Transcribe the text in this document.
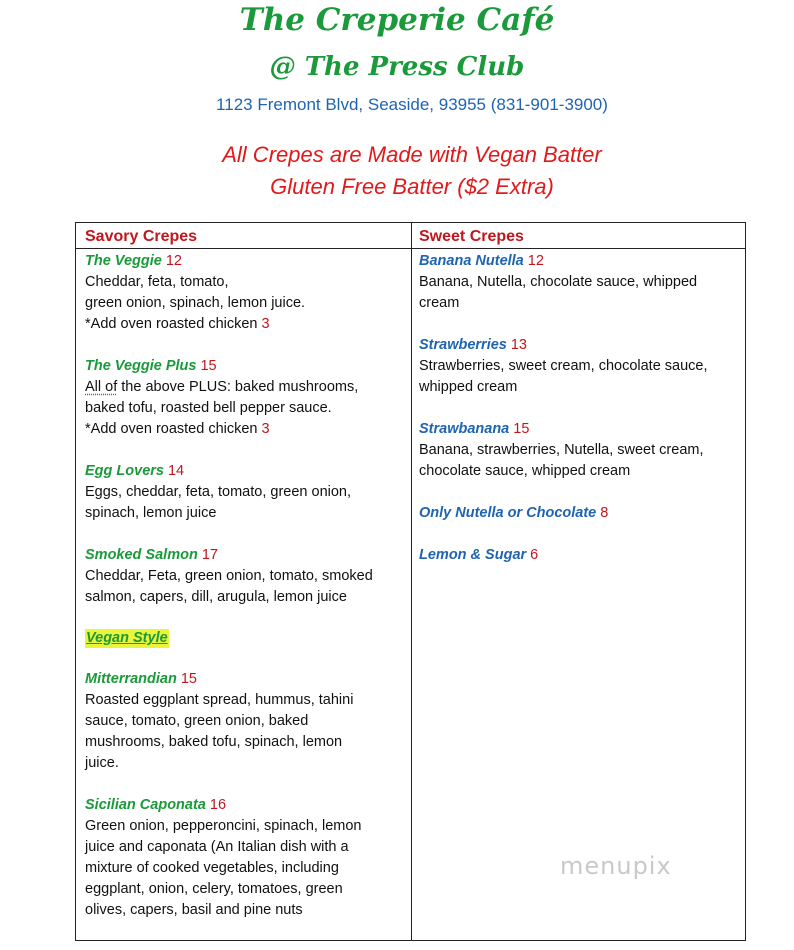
The Creperie Café
@ The Press Club

1123 Fremont Blvd, Seaside, 93955 (831-901-3900)

All Crepes are Made with Vegan Batter

Gluten Free Batter ($2 Extra)

Savory Crepes

The Veggie 12

Cheddar, feta, tomato,

green onion, spinach, lemon juice.

*Add oven roasted chicken 3

The Veggie Plus 15

All of the above PLUS: baked mushrooms,

baked tofu, roasted bell pepper sauce.

*Add oven roasted chicken 3

Egg Lovers 14

Eggs, cheddar, feta, tomato, green onion,

spinach, lemon juice

Smoked Salmon 17

Cheddar, Feta, green onion, tomato, smoked

salmon, capers, dill, arugula, lemon juice

Vegan Style

Mitterrandian 15

Roasted eggplant spread, hummus, tahini

sauce, tomato, green onion, baked

mushrooms, baked tofu, spinach, lemon

juice.

Sicilian Caponata 16

Green onion, pepperoncini, spinach, lemon

juice and caponata (An Italian dish with a

mixture of cooked vegetables, including

eggplant, onion, celery, tomatoes, green

olives, capers, basil and pine nuts

Sweet Crepes

Banana Nutella 12

Banana, Nutella, chocolate sauce, whipped

cream

Strawberries 13

Strawberries, sweet cream, chocolate sauce,

whipped cream

Strawbanana 15

Banana, strawberries, Nutella, sweet cream,

chocolate sauce, whipped cream

Only Nutella or Chocolate 8

Lemon & Sugar 6

menupix
